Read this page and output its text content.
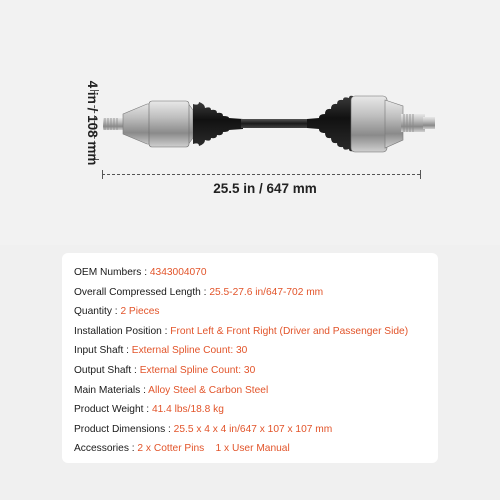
4 in / 108 mm
25.5 in / 647 mm
OEM Numbers : 4343004070
Overall Compressed Length : 25.5-27.6 in/647-702 mm
Quantity : 2 Pieces
Installation Position : Front Left & Front Right (Driver and Passenger Side)
Input Shaft : External Spline Count: 30
Output Shaft : External Spline Count: 30
Main Materials : Alloy Steel & Carbon Steel
Product Weight : 41.4 lbs/18.8 kg
Product Dimensions : 25.5 x 4 x 4 in/647 x 107 x 107 mm
Accessories : 2 x Cotter Pins    1 x User Manual
